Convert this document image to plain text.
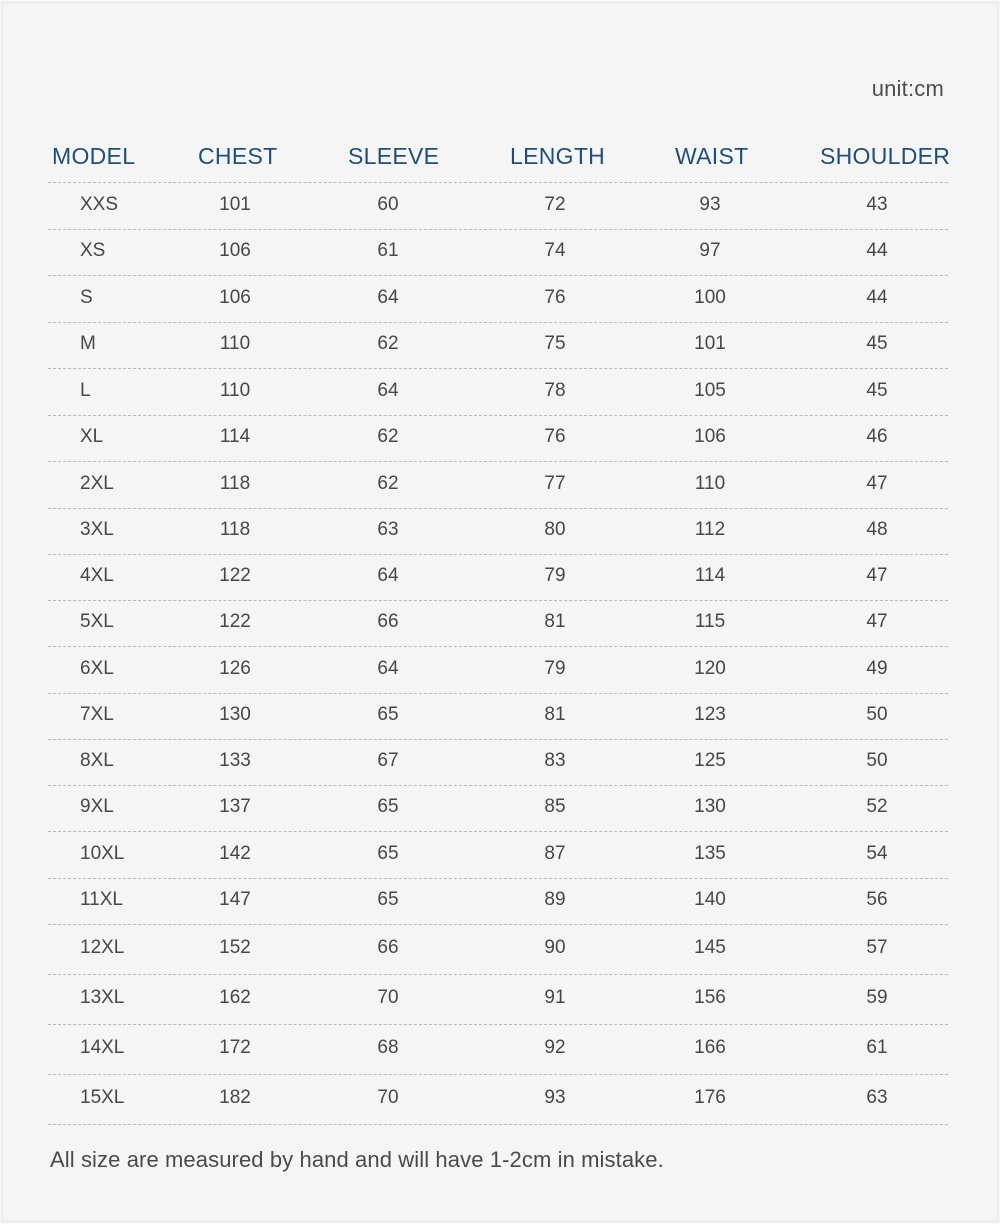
unit:cm
MODEL	CHEST	SLEEVE	LENGTH	WAIST	SHOULDER
XXS	101	60	72	93	43
XS	106	61	74	97	44
S	106	64	76	100	44
M	110	62	75	101	45
L	110	64	78	105	45
XL	114	62	76	106	46
2XL	118	62	77	110	47
3XL	118	63	80	112	48
4XL	122	64	79	114	47
5XL	122	66	81	115	47
6XL	126	64	79	120	49
7XL	130	65	81	123	50
8XL	133	67	83	125	50
9XL	137	65	85	130	52
10XL	142	65	87	135	54
11XL	147	65	89	140	56
12XL	152	66	90	145	57
13XL	162	70	91	156	59
14XL	172	68	92	166	61
15XL	182	70	93	176	63
All size are measured by hand and will have 1-2cm in mistake.
